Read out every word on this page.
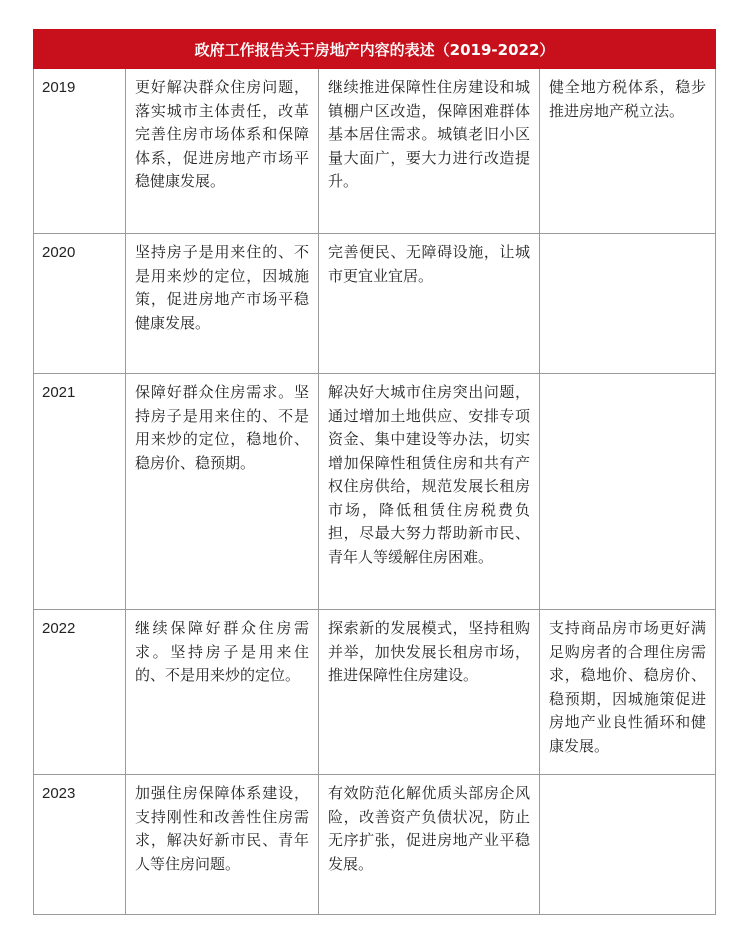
政府工作报告关于房地产内容的表述（2019-2022）			
2019	更好解决群众住房问题，落实城市主体责任，改革完善住房市场体系和保障体系，促进房地产市场平稳健康发展。	继续推进保障性住房建设和城镇棚户区改造，保障困难群体基本居住需求。城镇老旧小区量大面广，要大力进行改造提升。	健全地方税体系，稳步推进房地产税立法。
2020	坚持房子是用来住的、不是用来炒的定位，因城施策，促进房地产市场平稳健康发展。	完善便民、无障碍设施，让城市更宜业宜居。	
2021	保障好群众住房需求。坚持房子是用来住的、不是用来炒的定位，稳地价、稳房价、稳预期。	解决好大城市住房突出问题，通过增加土地供应、安排专项资金、集中建设等办法，切实增加保障性租赁住房和共有产权住房供给，规范发展长租房市场，降低租赁住房税费负担，尽最大努力帮助新市民、青年人等缓解住房困难。	
2022	继续保障好群众住房需求。坚持房子是用来住的、不是用来炒的定位。	探索新的发展模式，坚持租购并举，加快发展长租房市场，推进保障性住房建设。	支持商品房市场更好满足购房者的合理住房需求，稳地价、稳房价、稳预期，因城施策促进房地产业良性循环和健康发展。
2023	加强住房保障体系建设，支持刚性和改善性住房需求，解决好新市民、青年人等住房问题。	有效防范化解优质头部房企风险，改善资产负债状况，防止无序扩张，促进房地产业平稳发展。	
